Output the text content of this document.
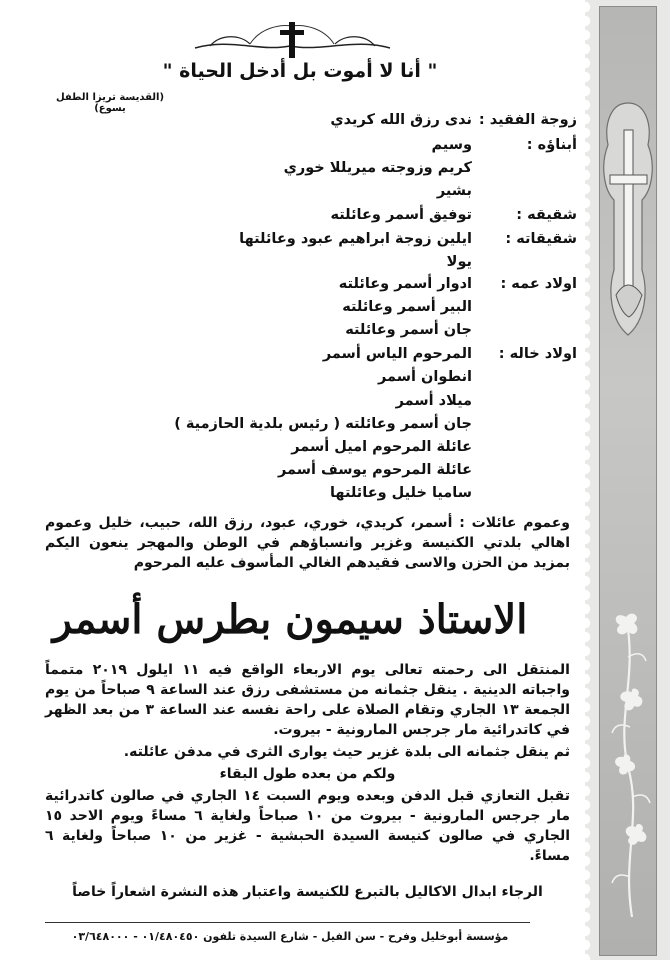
" أنا لا أموت بل أدخل الحياة "
(القديسة تريزا الطفل يسوع)
زوجة الفقيد :
ندى رزق الله كريدي
أبناؤه :
وسيم
كريم وزوجته ميريللا خوري
بشير
شقيقه :
توفيق أسمر وعائلته
شقيقاته :
ايلين زوجة ابراهيم عبود وعائلتها
يولا
اولاد عمه :
ادوار أسمر وعائلته
البير أسمر وعائلته
جان أسمر وعائلته
اولاد خاله :
المرحوم الياس أسمر
انطوان أسمر
ميلاد أسمر
جان أسمر وعائلته ( رئيس بلدية الحازمية )
عائلة المرحوم اميل أسمر
عائلة المرحوم يوسف أسمر
ساميا خليل وعائلتها
وعموم عائلات : أسمر، كريدي، خوري، عبود، رزق الله، حبيب، خليل وعموم اهالي بلدتي الكنيسة وغزير وانسباؤهم في الوطن والمهجر ينعون اليكم بمزيد من الحزن والاسى فقيدهم الغالي المأسوف عليه المرحوم
الاستاذ سيمون بطرس أسمر
المنتقل الى رحمته تعالى يوم الاربعاء الواقع فيه ١١ ايلول ٢٠١٩ متمماً واجباته الدينية . ينقل جثمانه من مستشفى رزق عند الساعة ٩ صباحاً من يوم الجمعة ١٣ الجاري وتقام الصلاة على راحة نفسه عند الساعة ٣ من بعد الظهر في كاتدرائية مار جرجس المارونية - بيروت.
ثم ينقل جثمانه الى بلدة غزير حيث يوارى الثرى في مدفن عائلته.
ولكم من بعده طول البقاء
تقبل التعازي قبل الدفن وبعده ويوم السبت ١٤ الجاري في صالون كاتدرائية مار جرجس المارونية - بيروت من ١٠ صباحاً ولغاية ٦ مساءً ويوم الاحد ١٥ الجاري في صالون كنيسة السيدة الحبشية - غزير من ١٠ صباحاً ولغاية ٦ مساءً.
الرجاء ابدال الاكاليل بالتبرع للكنيسة واعتبار هذه النشرة اشعاراً خاصاً
مؤسسة أبوخليل وفرح - سن الفيل - شارع السيدة تلفون ٠١/٤٨٠٤٥٠ - ٠٣/٦٤٨٠٠٠
